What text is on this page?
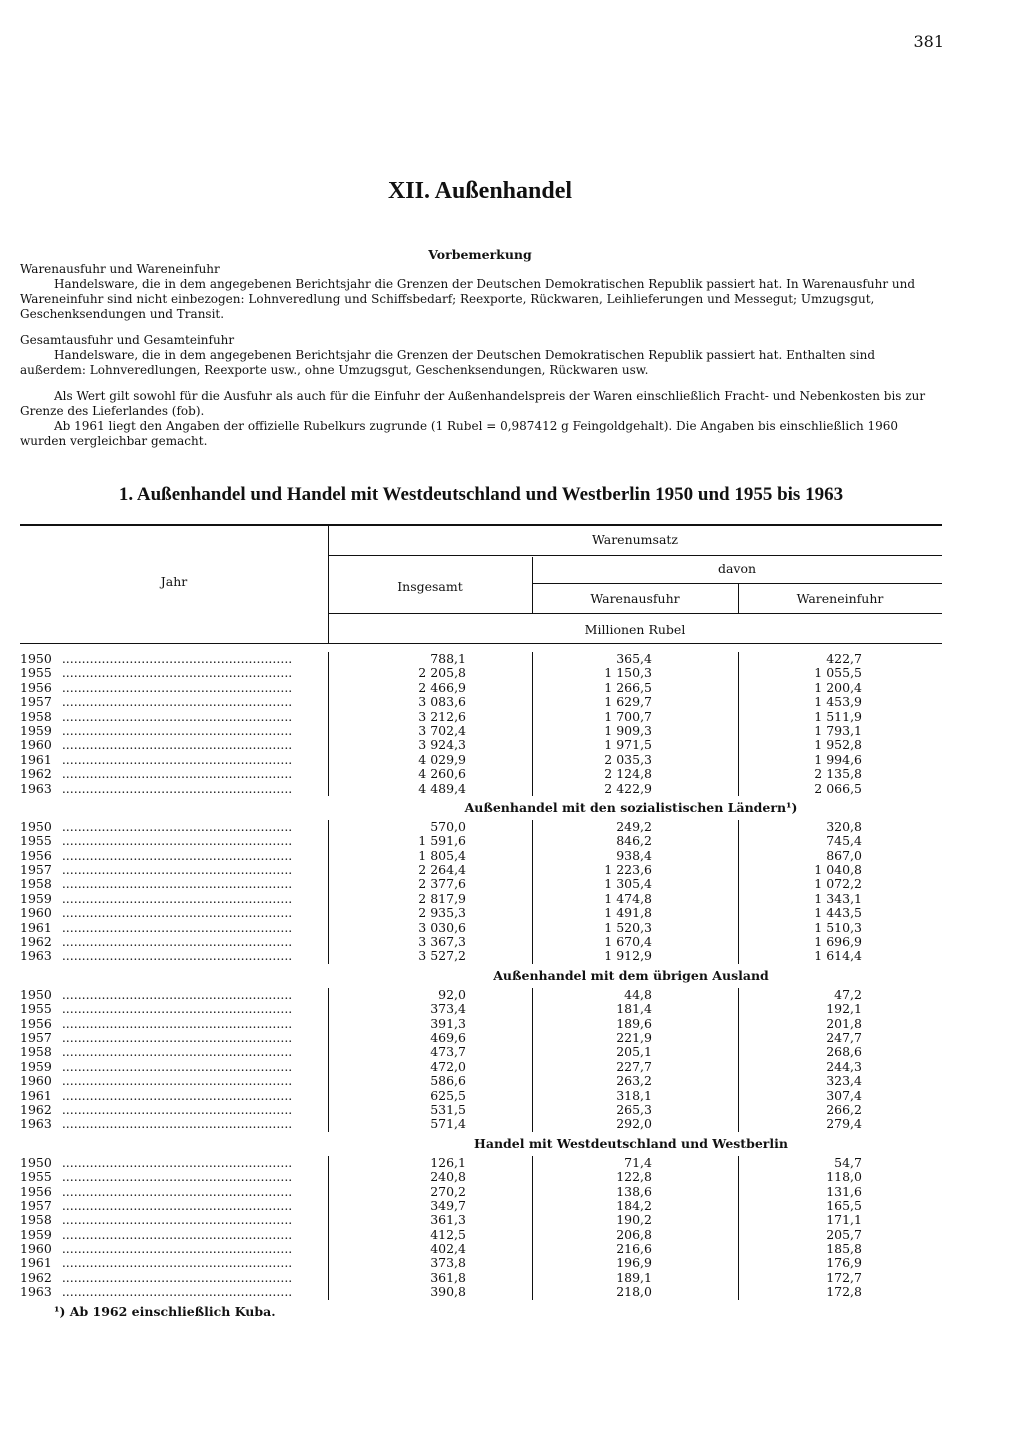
381
XII. Außenhandel
Vorbemerkung

Warenausfuhr und Wareneinfuhr

Handelsware, die in dem angegebenen Berichtsjahr die Grenzen der Deutschen Demokratischen Republik passiert hat. In Warenausfuhr und Wareneinfuhr sind nicht einbezogen: Lohnveredlung und Schiffsbedarf; Reexporte, Rückwaren, Leihlieferungen und Messegut; Umzugsgut, Geschenksendungen und Transit.

Gesamtausfuhr und Gesamteinfuhr

Handelsware, die in dem angegebenen Berichtsjahr die Grenzen der Deutschen Demokratischen Republik passiert hat. Enthalten sind außerdem: Lohnveredlungen, Reexporte usw., ohne Umzugsgut, Geschenksendungen, Rückwaren usw.

Als Wert gilt sowohl für die Ausfuhr als auch für die Einfuhr der Außenhandelspreis der Waren einschließlich Fracht- und Nebenkosten bis zur Grenze des Lieferlandes (fob).

Ab 1961 liegt den Angaben der offizielle Rubelkurs zugrunde (1 Rubel = 0,987412 g Feingoldgehalt). Die Angaben bis einschließlich 1960 wurden vergleichbar gemacht.

1. Außenhandel und Handel mit Westdeutschland und Westberlin 1950 und 1955 bis 1963
Jahr
Warenumsatz
Insgesamt
davon
Warenausfuhr	Wareneinfuhr
Millionen Rubel
1950 ..........................................................	788,1	365,4	422,7
1955 ..........................................................	2 205,8	1 150,3	1 055,5
1956 ..........................................................	2 466,9	1 266,5	1 200,4
1957 ..........................................................	3 083,6	1 629,7	1 453,9
1958 ..........................................................	3 212,6	1 700,7	1 511,9
1959 ..........................................................	3 702,4	1 909,3	1 793,1
1960 ..........................................................	3 924,3	1 971,5	1 952,8
1961 ..........................................................	4 029,9	2 035,3	1 994,6
1962 ..........................................................	4 260,6	2 124,8	2 135,8
1963 ..........................................................	4 489,4	2 422,9	2 066,5
Außenhandel mit den sozialistischen Ländern¹)
1950 ..........................................................	570,0	249,2	320,8
1955 ..........................................................	1 591,6	846,2	745,4
1956 ..........................................................	1 805,4	938,4	867,0
1957 ..........................................................	2 264,4	1 223,6	1 040,8
1958 ..........................................................	2 377,6	1 305,4	1 072,2
1959 ..........................................................	2 817,9	1 474,8	1 343,1
1960 ..........................................................	2 935,3	1 491,8	1 443,5
1961 ..........................................................	3 030,6	1 520,3	1 510,3
1962 ..........................................................	3 367,3	1 670,4	1 696,9
1963 ..........................................................	3 527,2	1 912,9	1 614,4
Außenhandel mit dem übrigen Ausland
1950 ..........................................................	92,0	44,8	47,2
1955 ..........................................................	373,4	181,4	192,1
1956 ..........................................................	391,3	189,6	201,8
1957 ..........................................................	469,6	221,9	247,7
1958 ..........................................................	473,7	205,1	268,6
1959 ..........................................................	472,0	227,7	244,3
1960 ..........................................................	586,6	263,2	323,4
1961 ..........................................................	625,5	318,1	307,4
1962 ..........................................................	531,5	265,3	266,2
1963 ..........................................................	571,4	292,0	279,4
Handel mit Westdeutschland und Westberlin
1950 ..........................................................	126,1	71,4	54,7
1955 ..........................................................	240,8	122,8	118,0
1956 ..........................................................	270,2	138,6	131,6
1957 ..........................................................	349,7	184,2	165,5
1958 ..........................................................	361,3	190,2	171,1
1959 ..........................................................	412,5	206,8	205,7
1960 ..........................................................	402,4	216,6	185,8
1961 ..........................................................	373,8	196,9	176,9
1962 ..........................................................	361,8	189,1	172,7
1963 ..........................................................	390,8	218,0	172,8
¹) Ab 1962 einschließlich Kuba.
